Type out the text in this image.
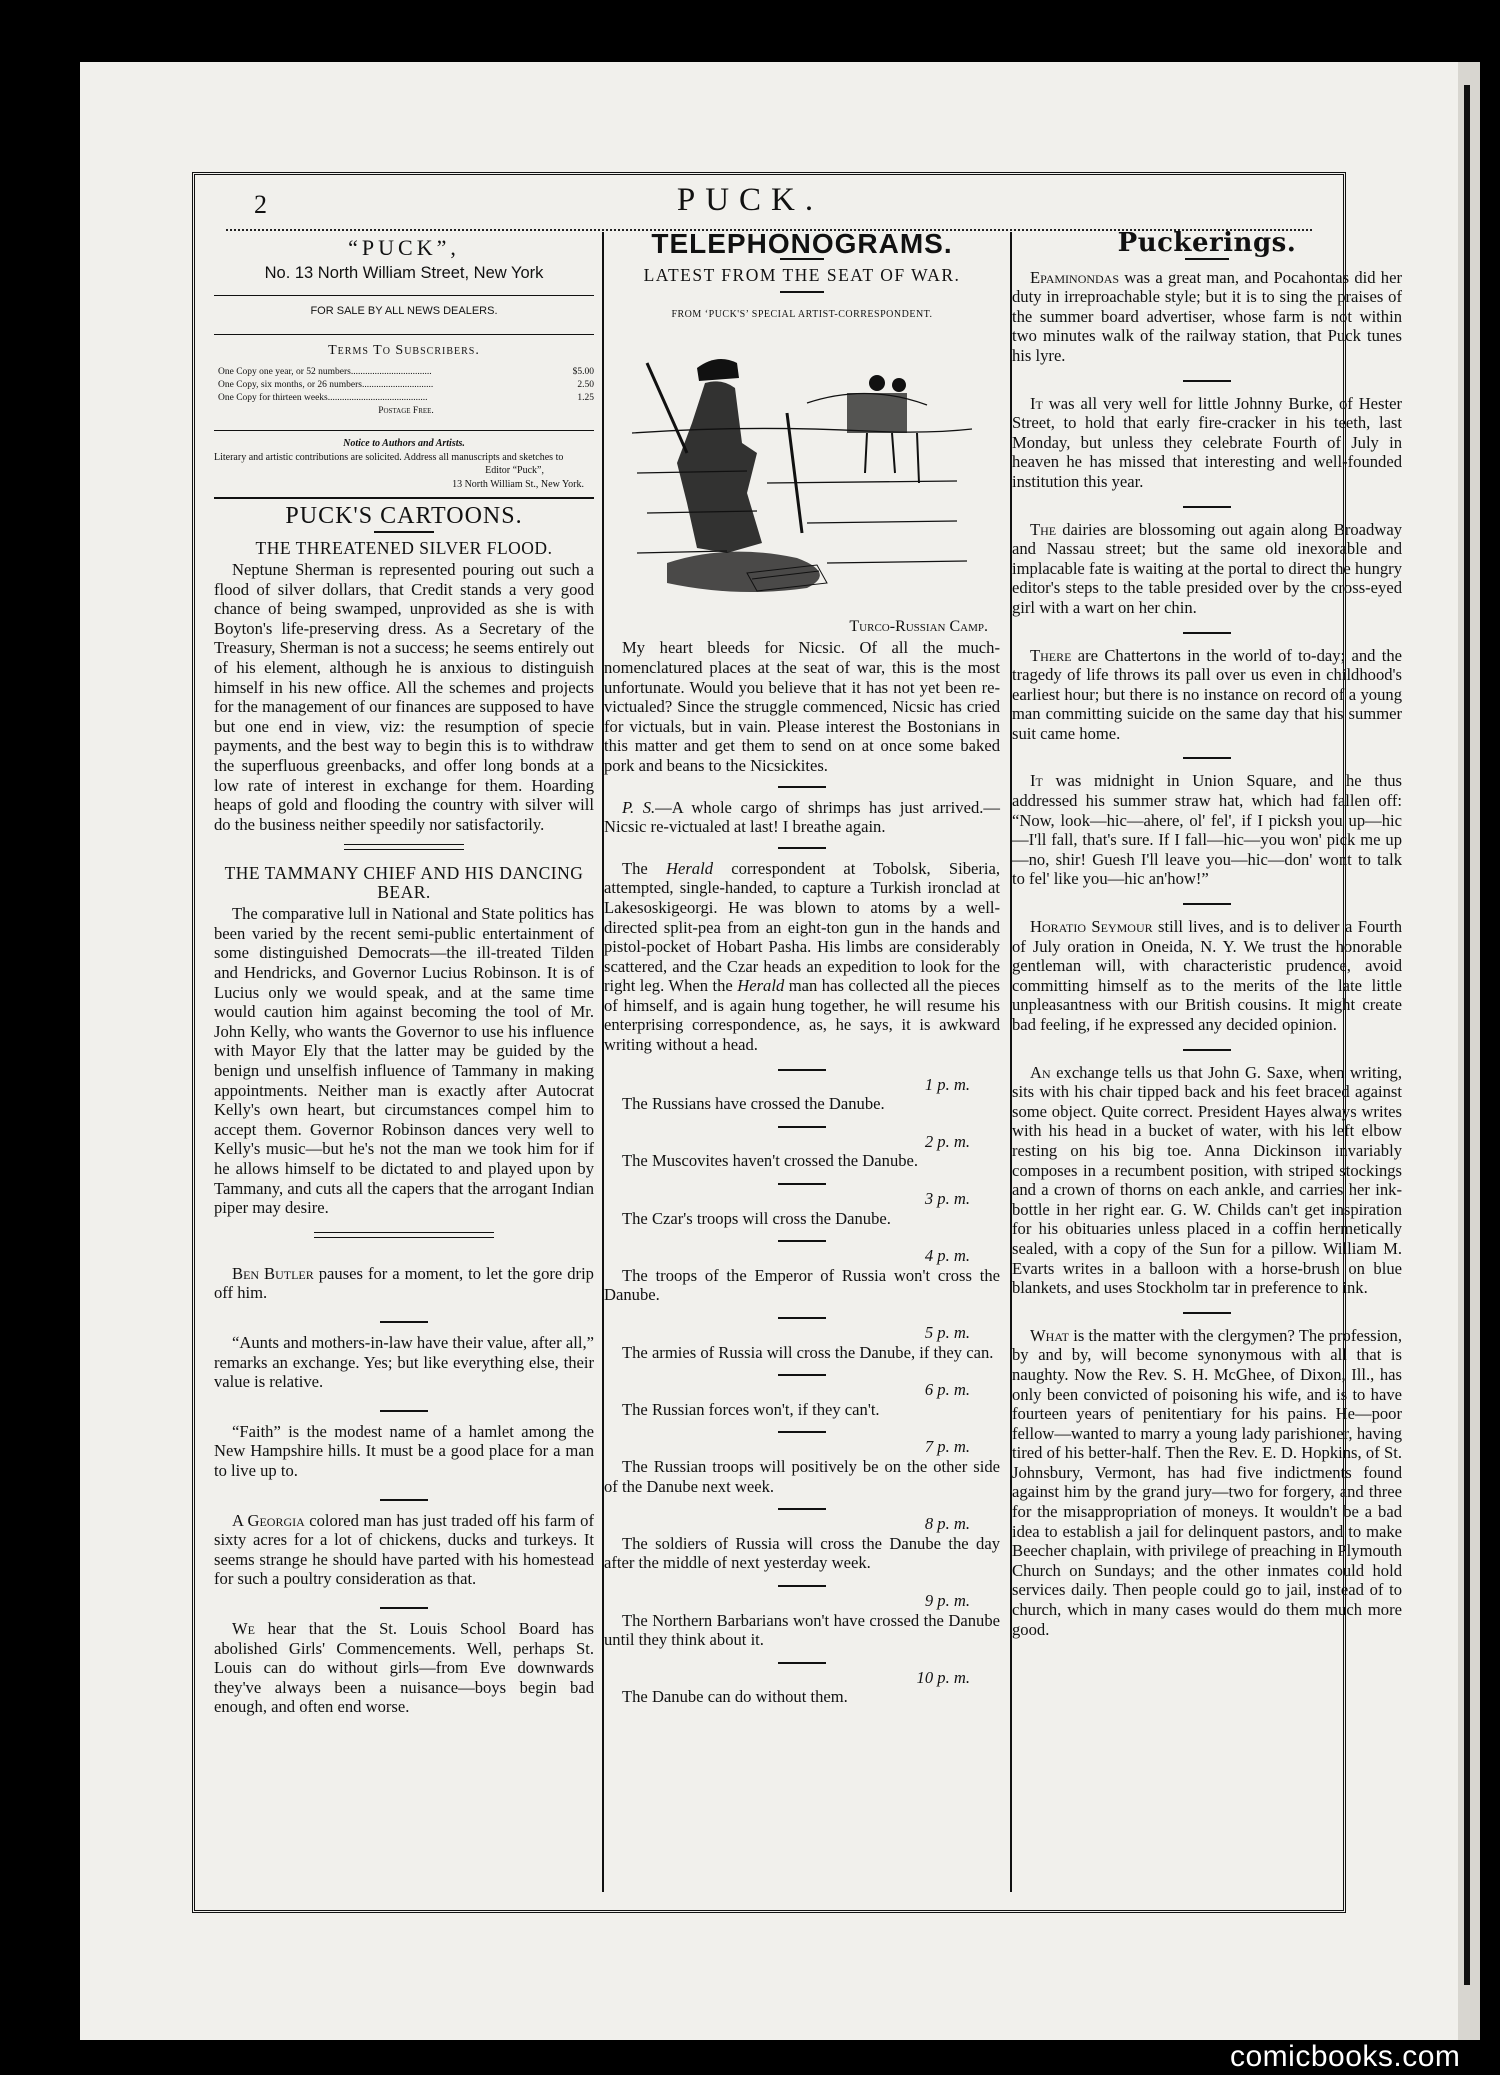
2	PUCK.
“PUCK”,
No. 13 North William Street, New York
FOR SALE BY ALL NEWS DEALERS.
Terms To Subscribers.
One Copy one year, or 52 numbers..................................	$5.00
One Copy, six months, or 26 numbers..............................	2.50
One Copy for thirteen weeks..........................................	1.25
Postage Free.
Notice to Authors and Artists.
Literary and artistic contributions are solicited. Address all manuscripts and sketches to
Editor “Puck”,
13 North William St., New York.
PUCK'S CARTOONS.
THE THREATENED SILVER FLOOD.

Neptune Sherman is represented pouring out such a flood of silver dollars, that Credit stands a very good chance of being swamped, unprovided as she is with Boyton's life-preserving dress. As a Secretary of the Treasury, Sherman is not a success; he seems entirely out of his element, although he is anxious to distinguish himself in his new office. All the schemes and projects for the management of our finances are supposed to have but one end in view, viz: the resumption of specie payments, and the best way to begin this is to withdraw the superfluous greenbacks, and offer long bonds at a low rate of interest in exchange for them. Hoarding heaps of gold and flooding the country with silver will do the business neither speedily nor satisfactorily.

THE TAMMANY CHIEF AND HIS DANCING BEAR.

The comparative lull in National and State politics has been varied by the recent semi-public entertainment of some distinguished Democrats—the ill-treated Tilden and Hendricks, and Governor Lucius Robinson. It is of Lucius only we would speak, and at the same time would caution him against becoming the tool of Mr. John Kelly, who wants the Governor to use his influence with Mayor Ely that the latter may be guided by the benign und unselfish influence of Tammany in making appointments. Neither man is exactly after Autocrat Kelly's own heart, but circumstances compel him to accept them. Governor Robinson dances very well to Kelly's music—but he's not the man we took him for if he allows himself to be dictated to and played upon by Tammany, and cuts all the capers that the arrogant Indian piper may desire.

Ben Butler pauses for a moment, to let the gore drip off him.

“Aunts and mothers-in-law have their value, after all,” remarks an exchange. Yes; but like everything else, their value is relative.

“Faith” is the modest name of a hamlet among the New Hampshire hills. It must be a good place for a man to live up to.

A Georgia colored man has just traded off his farm of sixty acres for a lot of chickens, ducks and turkeys. It seems strange he should have parted with his homestead for such a poultry consideration as that.

We hear that the St. Louis School Board has abolished Girls' Commencements. Well, perhaps St. Louis can do without girls—from Eve downwards they've always been a nuisance—boys begin bad enough, and often end worse.

TELEPHONOGRAMS.
LATEST FROM THE SEAT OF WAR.
FROM ‘PUCK'S’ SPECIAL ARTIST-CORRESPONDENT.
Turco-Russian Camp.

My heart bleeds for Nicsic. Of all the much-nomenclatured places at the seat of war, this is the most unfortunate. Would you believe that it has not yet been re-victualed? Since the struggle commenced, Nicsic has cried for victuals, but in vain. Please interest the Bostonians in this matter and get them to send on at once some baked pork and beans to the Nicsickites.

P. S.—A whole cargo of shrimps has just arrived.—Nicsic re-victualed at last! I breathe again.

The Herald correspondent at Tobolsk, Siberia, attempted, single-handed, to capture a Turkish ironclad at Lakesoskigeorgi. He was blown to atoms by a well-directed split-pea from an eight-ton gun in the hands and pistol-pocket of Hobart Pasha. His limbs are considerably scattered, and the Czar heads an expedition to look for the right leg. When the Herald man has collected all the pieces of himself, and is again hung together, he will resume his enterprising correspondence, as, he says, it is awkward writing without a head.

1 p. m.

The Russians have crossed the Danube.

2 p. m.

The Muscovites haven't crossed the Danube.

3 p. m.

The Czar's troops will cross the Danube.

4 p. m.

The troops of the Emperor of Russia won't cross the Danube.

5 p. m.

The armies of Russia will cross the Danube, if they can.

6 p. m.

The Russian forces won't, if they can't.

7 p. m.

The Russian troops will positively be on the other side of the Danube next week.

8 p. m.

The soldiers of Russia will cross the Danube the day after the middle of next yesterday week.

9 p. m.

The Northern Barbarians won't have crossed the Danube until they think about it.

10 p. m.

The Danube can do without them.

Puckerings.

Epaminondas was a great man, and Pocahontas did her duty in irreproachable style; but it is to sing the praises of the summer board advertiser, whose farm is not within two minutes walk of the railway station, that Puck tunes his lyre.

It was all very well for little Johnny Burke, of Hester Street, to hold that early fire-cracker in his teeth, last Monday, but unless they celebrate Fourth of July in heaven he has missed that interesting and well-founded institution this year.

The dairies are blossoming out again along Broadway and Nassau street; but the same old inexorable and implacable fate is waiting at the portal to direct the hungry editor's steps to the table presided over by the cross-eyed girl with a wart on her chin.

There are Chattertons in the world of to-day; and the tragedy of life throws its pall over us even in childhood's earliest hour; but there is no instance on record of a young man committing suicide on the same day that his summer suit came home.

It was midnight in Union Square, and he thus addressed his summer straw hat, which had fallen off: “Now, look—hic—ahere, ol' fel', if I picksh you up—hic—I'll fall, that's sure. If I fall—hic—you won' pick me up—no, shir! Guesh I'll leave you—hic—don' wont to talk to fel' like you—hic an'how!”

Horatio Seymour still lives, and is to deliver a Fourth of July oration in Oneida, N. Y. We trust the honorable gentleman will, with characteristic prudence, avoid committing himself as to the merits of the late little unpleasantness with our British cousins. It might create bad feeling, if he expressed any decided opinion.

An exchange tells us that John G. Saxe, when writing, sits with his chair tipped back and his feet braced against some object. Quite correct. President Hayes always writes with his head in a bucket of water, with his left elbow resting on his big toe. Anna Dickinson invariably composes in a recumbent position, with striped stockings and a crown of thorns on each ankle, and carries her ink-bottle in her right ear. G. W. Childs can't get inspiration for his obituaries unless placed in a coffin hermetically sealed, with a copy of the Sun for a pillow. William M. Evarts writes in a balloon with a horse-brush on blue blankets, and uses Stockholm tar in preference to ink.

What is the matter with the clergymen? The profession, by and by, will become synonymous with all that is naughty. Now the Rev. S. H. McGhee, of Dixon, Ill., has only been convicted of poisoning his wife, and is to have fourteen years of penitentiary for his pains. He—poor fellow—wanted to marry a young lady parishioner, having tired of his better-half. Then the Rev. E. D. Hopkins, of St. Johnsbury, Vermont, has had five indictments found against him by the grand jury—two for forgery, and three for the misappropriation of moneys. It wouldn't be a bad idea to establish a jail for delinquent pastors, and to make Beecher chaplain, with privilege of preaching in Plymouth Church on Sundays; and the other inmates could hold services daily. Then people could go to jail, instead of to church, which in many cases would do them much more good.

comicbooks.com
